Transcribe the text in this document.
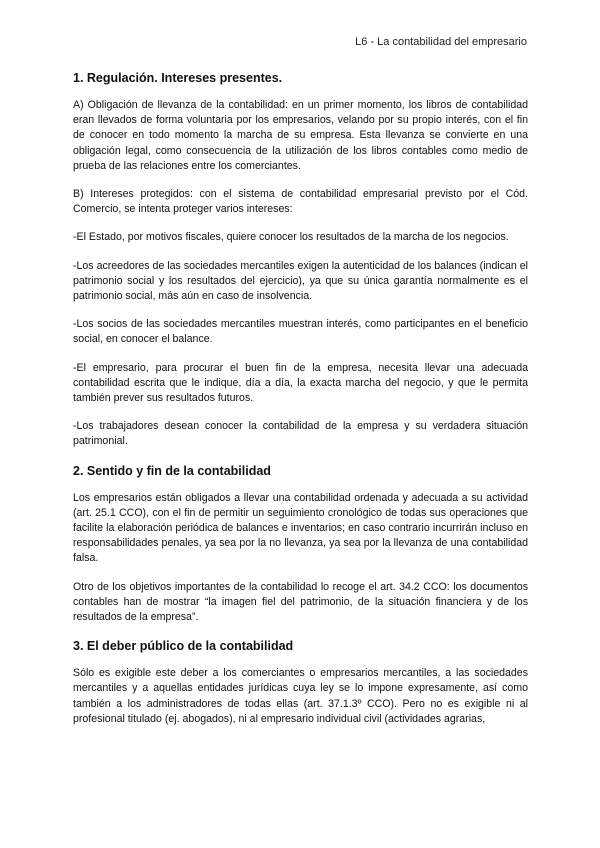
L6 - La contabilidad del empresario
1. Regulación. Intereses presentes.

A) Obligación de llevanza de la contabilidad: en un primer momento, los libros de contabilidad eran llevados de forma voluntaria por los empresarios, velando por su propio interés, con el fin de conocer en todo momento la marcha de su empresa. Esta llevanza se convierte en una obligación legal, como consecuencia de la utilización de los libros contables como medio de prueba de las relaciones entre los comerciantes.

B) Intereses protegidos: con el sistema de contabilidad empresarial previsto por el Cód. Comercio, se intenta proteger varios intereses:

-El Estado, por motivos fiscales, quiere conocer los resultados de la marcha de los negocios.

-Los acreedores de las sociedades mercantiles exigen la autenticidad de los balances (indican el patrimonio social y los resultados del ejercicio), ya que su única garantía normalmente es el patrimonio social, más aún en caso de insolvencia.

-Los socios de las sociedades mercantiles muestran interés, como participantes en el beneficio social, en conocer el balance.

-El empresario, para procurar el buen fin de la empresa, necesita llevar una adecuada contabilidad escrita que le indique, día a día, la exacta marcha del negocio, y que le permita también prever sus resultados futuros.

-Los trabajadores desean conocer la contabilidad de la empresa y su verdadera situación patrimonial.

2. Sentido y fin de la contabilidad

Los empresarios están obligados a llevar una contabilidad ordenada y adecuada a su actividad (art. 25.1 CCO), con el fin de permitir un seguimiento cronológico de todas sus operaciones que facilite la elaboración periódica de balances e inventarios; en caso contrario incurrirán incluso en responsabilidades penales, ya sea por la no llevanza, ya sea por la llevanza de una contabilidad falsa.

Otro de los objetivos importantes de la contabilidad lo recoge el art. 34.2 CCO: los documentos contables han de mostrar “la imagen fiel del patrimonio, de la situación financiera y de los resultados de la empresa”.

3. El deber público de la contabilidad

Sólo es exigible este deber a los comerciantes o empresarios mercantiles, a las sociedades mercantiles y a aquellas entidades jurídicas cuya ley se lo impone expresamente, así como también a los administradores de todas ellas (art. 37.1.3º CCO). Pero no es exigible ni al profesional titulado (ej. abogados), ni al empresario individual civil (actividades agrarias,
